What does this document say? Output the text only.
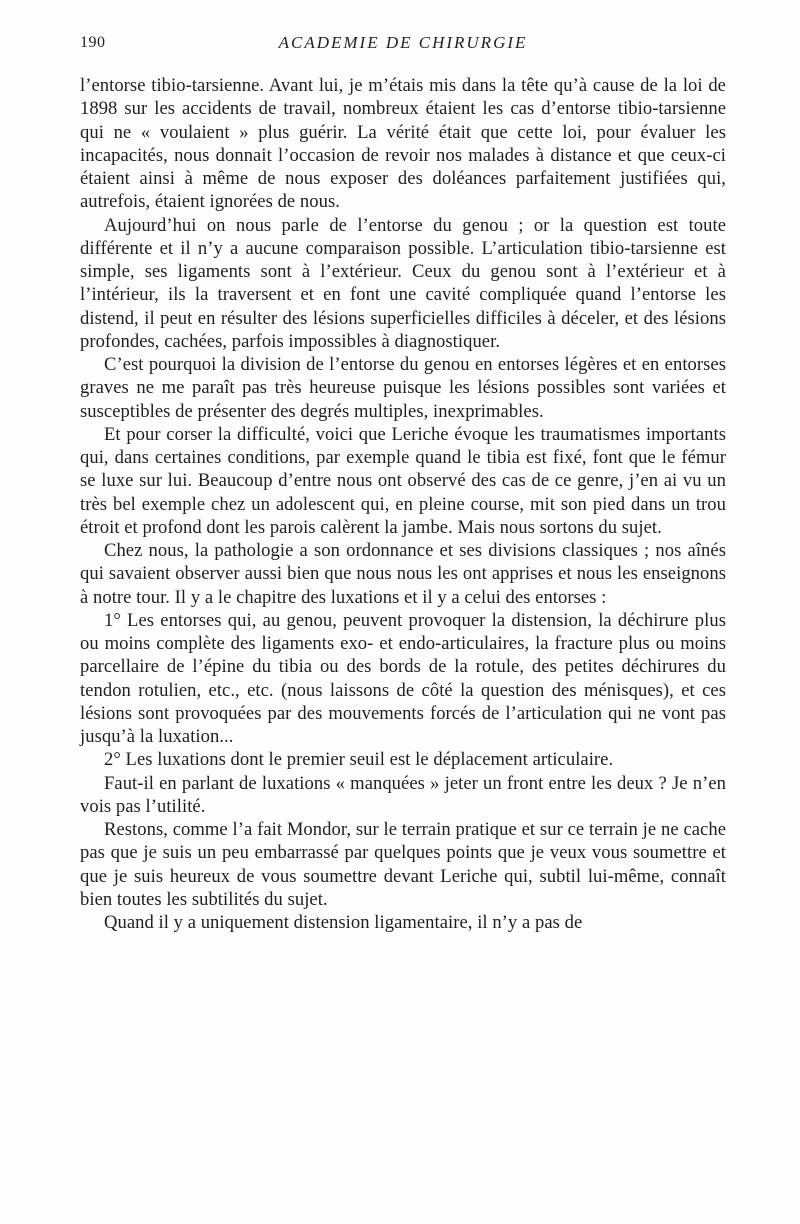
190	ACADEMIE DE CHIRURGIE

l’entorse tibio-tarsienne. Avant lui, je m’étais mis dans la tête qu’à cause de la loi de 1898 sur les accidents de travail, nombreux étaient les cas d’entorse tibio-tarsienne qui ne « voulaient » plus guérir. La vérité était que cette loi, pour évaluer les incapacités, nous donnait l’occasion de revoir nos malades à distance et que ceux-ci étaient ainsi à même de nous exposer des doléances parfaitement justifiées qui, autrefois, étaient ignorées de nous.

Aujourd’hui on nous parle de l’entorse du genou ; or la question est toute différente et il n’y a aucune comparaison possible. L’articulation tibio-tarsienne est simple, ses ligaments sont à l’extérieur. Ceux du genou sont à l’extérieur et à l’intérieur, ils la traversent et en font une cavité compliquée quand l’entorse les distend, il peut en résulter des lésions superficielles difficiles à déceler, et des lésions profondes, cachées, parfois impossibles à diagnostiquer.

C’est pourquoi la division de l’entorse du genou en entorses légères et en entorses graves ne me paraît pas très heureuse puisque les lésions possibles sont variées et susceptibles de présenter des degrés multiples, inexprimables.

Et pour corser la difficulté, voici que Leriche évoque les traumatismes importants qui, dans certaines conditions, par exemple quand le tibia est fixé, font que le fémur se luxe sur lui. Beaucoup d’entre nous ont observé des cas de ce genre, j’en ai vu un très bel exemple chez un adolescent qui, en pleine course, mit son pied dans un trou étroit et profond dont les parois calèrent la jambe. Mais nous sortons du sujet.

Chez nous, la pathologie a son ordonnance et ses divisions classiques ; nos aînés qui savaient observer aussi bien que nous nous les ont apprises et nous les enseignons à notre tour. Il y a le chapitre des luxations et il y a celui des entorses :

1° Les entorses qui, au genou, peuvent provoquer la distension, la déchirure plus ou moins complète des ligaments exo- et endo-articulaires, la fracture plus ou moins parcellaire de l’épine du tibia ou des bords de la rotule, des petites déchirures du tendon rotulien, etc., etc. (nous laissons de côté la question des ménisques), et ces lésions sont provoquées par des mouvements forcés de l’articulation qui ne vont pas jusqu’à la luxation...

2° Les luxations dont le premier seuil est le déplacement articulaire.

Faut-il en parlant de luxations « manquées » jeter un front entre les deux ? Je n’en vois pas l’utilité.

Restons, comme l’a fait Mondor, sur le terrain pratique et sur ce terrain je ne cache pas que je suis un peu embarrassé par quelques points que je veux vous soumettre et que je suis heureux de vous soumettre devant Leriche qui, subtil lui-même, connaît bien toutes les subtilités du sujet.

Quand il y a uniquement distension ligamentaire, il n’y a pas de
